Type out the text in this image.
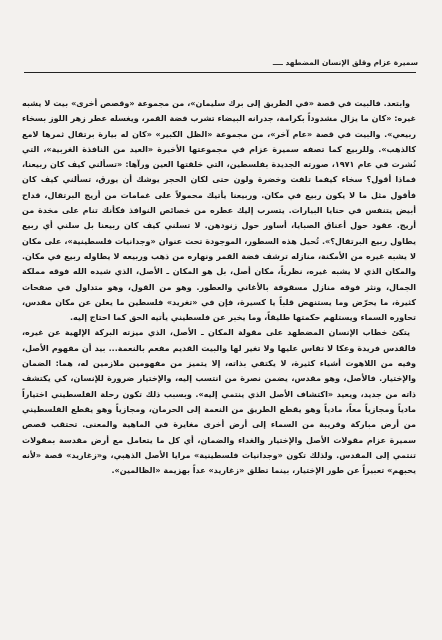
سميرة عزام وقلق الإنسان المضطهد ــــ

وابتعد. فالبيت في قصة «في الطريق إلى برك سليمان»، من مجموعة «وقصص أخرى» بيت لا يشبه غيره: «كان ما يزال مشدوداً بكرامة، جدرانه البيضاء تشرب فضة القمر، ويغسله عطر زهر اللوز بسخاء ربيعي». والبيت في قصة «عام آخر»، من مجموعة «الظل الكبير» «كان له بيارة برتقال ثمرها لامع كالذهب». وللربيع كما تصفه سميرة عزام في مجموعتها الأخيرة «العيد من النافذة الغربية»، التي نُشرت في عام ١٩٧١، صورته الجديدة بفلسطين، التي خلقتها العين ورآها: «تسألني كيف كان ربيعنا، فماذا أقول؟ سخاء كيفما تلفت وخضرة ولون حتى لكان الحجر يوشك أن يورق، تسألني كيف كان فأقول مثل ما لا يكون ربيع في مكان. وربيعنا يأتيك محمولاً على غمامات من أريج البرتقال، قداح أبيض يتنفس في حنايا البيارات. يتسرب إليك عطره من خصائص النوافذ فكأنك تنام على مخدة من أريج. عقود حول أعناق الصبايا، أساور حول زنودهن. لا تسلني كيف كان ربيعنا بل سلني أي ربيع يطاول ربيع البرتقال؟». تُحيل هذه السطور، الموجودة تحت عنوان «وجدانيات فلسطينية»، على مكان لا يشبه غيره من الأمكنة، منازله ترشف فضة القمر ونهاره من ذهب وربيعه لا يطاوله ربيع في مكان. والمكان الذي لا يشبه غيره، نظرياً، مكان أصل، بل هو المكان ـ الأصل، الذي شيده الله فوقه مملكة الجمال، ونثر فوقه منازل مسقوفة بالأغاني والعطور. وهو من القول، وهو متداول في صفحات كثيرة، ما يحرّض وما يستنهض قلباً يا كسيرة، فإن في «تغريد» فلسطين ما يعلن عن مكان مقدس، تحاوره السماء ويستلهم حكمتها طليقاً، وما يخبر عن فلسطيني يأتيه الحق كما احتاج إليه.

يتكئ خطاب الإنسان المضطهد على مقولة المكان ـ الأصل، الذي ميزته البركة الإلهية عن غيره، فالقدس فريدة وعكا لا تقاس عليها ولا تغير لها والبيت القديم مفعم بالنعمة... بيد أن مفهوم الأصل، وفيه من اللاهوت أشياء كثيرة، لا يكتفي بذاته، إلا يتميز من مفهومين ملازمين له، هما: الضمان والإختيار. فالأصل، وهو مقدس، يضمن نصرة من انتسب إليه، والإختيار ضرورة للإنسان، كي يكتشف ذاته من جديد، ويعيد «اكتشاف الأصل الذي ينتمي إليه». وبسبب ذلك تكون رحلة الفلسطيني اختياراً مادياً ومجازياً معاً، مادياً وهو يقطع الطريق من النعمة إلى الحرمان، ومجازياً وهو يقطع الفلسطيني من أرض مباركة وقريبة من السماء إلى أرض أخرى مغايرة في الماهية والمعنى. تحتقب قصص سميرة عزام مقولات الأصل والإختيار والغداء والضمان، أي كل ما يتعامل مع أرض مقدسة بمقولات تنتمي إلى المقدس. ولذلك تكون «وجدانيات فلسطينية» مرايا الأصل الذهبي، و«زغاريد» قصة «لأنه يحبهم» تعبيراً عن طور الإختيار، بينما تطلق «زغاريد» عداً بهزيمة «الظالمين».
